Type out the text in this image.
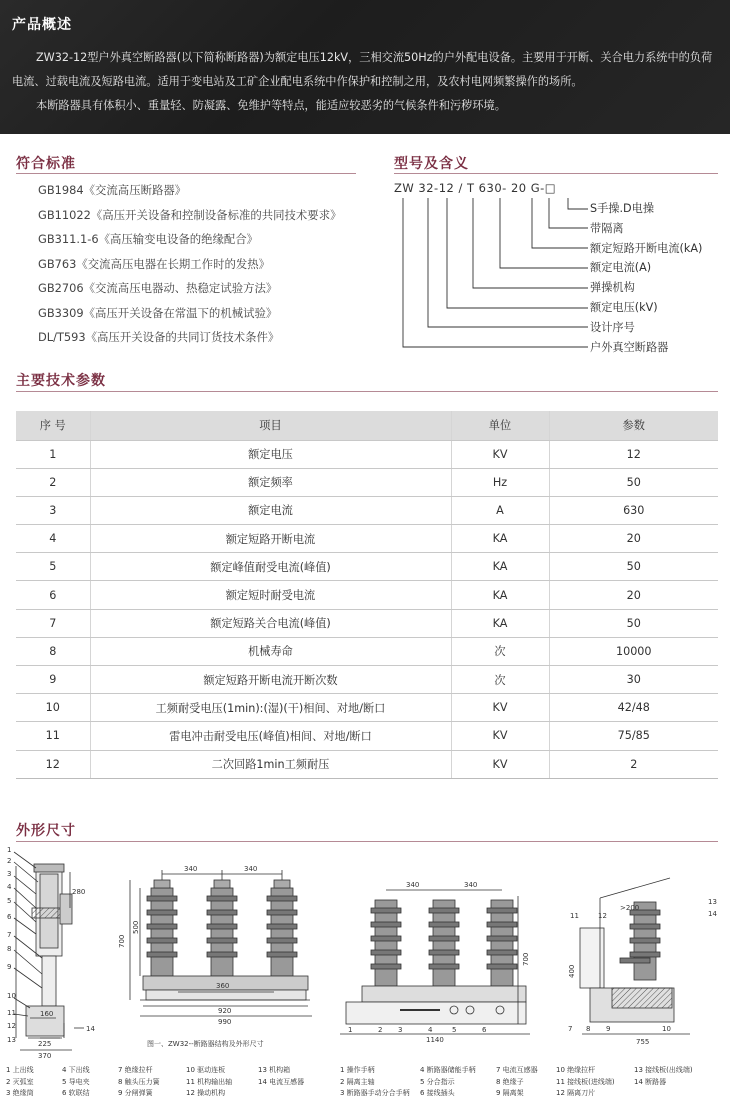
产品概述

ZW32-12型户外真空断路器(以下简称断路器)为额定电压12kV，三相交流50Hz的户外配电设备。主要用于开断、关合电力系统中的负荷电流、过载电流及短路电流。适用于变电站及工矿企业配电系统中作保护和控制之用，及农村电网频繁操作的场所。

本断路器具有体积小、重量轻、防凝露、免维护等特点，能适应较恶劣的气候条件和污秽环境。

符合标准
GB1984《交流高压断路器》
GB11022《高压开关设备和控制设备标准的共同技术要求》
GB311.1-6《高压输变电设备的绝缘配合》
GB763《交流高压电器在长期工作时的发热》
GB2706《交流高压电器动、热稳定试验方法》
GB3309《高压开关设备在常温下的机械试验》
DL/T593《高压开关设备的共同订货技术条件》
型号及含义
ZW 32-12 / T 630- 20 G-□
S手操.D电操
带隔离
额定短路开断电流(kA)
额定电流(A)
弹操机构
额定电压(kV)
设计序号
户外真空断路器
主要技术参数
序 号	项目	单位	参数
1	额定电压	KV	12
2	额定频率	Hz	50
3	额定电流	A	630
4	额定短路开断电流	KA	20
5	额定峰值耐受电流(峰值)	KA	50
6	额定短时耐受电流	KA	20
7	额定短路关合电流(峰值)	KA	50
8	机械寿命	次	10000
9	额定短路开断电流开断次数	次	30
10	工频耐受电压(1min):(湿)(干)相间、对地/断口	KV	42/48
11	雷电冲击耐受电压(峰值)相间、对地/断口	KV	75/85
12	二次回路1min工频耐压	KV	2
外形尺寸
1
2
3
4
5
6
7
8
9
10
11
12
13
14
280
160
225
370
340	340
360
920
990
700
500
340	340
1140
700
1	2 3	4	5	6
11	12
>200
13
14
7 8 9	10
400
755
图一、ZW32--断路器结构及外形尺寸
1 上出线
2 灭弧室
3 绝缘筒
4 下出线
5 导电夹
6 软联结
7 绝缘拉杆
8 触头压力簧
9 分闸弹簧
10 驱动连板
11 机构输出轴
12 操动机构
13 机构箱
14 电流互感器
1 操作手柄
2 隔离主轴
3 断路器手动分合手柄
4 断路器储能手柄
5 分合指示
6 接线插头
7 电流互感器
8 绝缘子
9 隔离架
10 绝缘拉杆
11 接线板(进线端)
12 隔离刀片
13 接线板(出线端)
14 断路器
